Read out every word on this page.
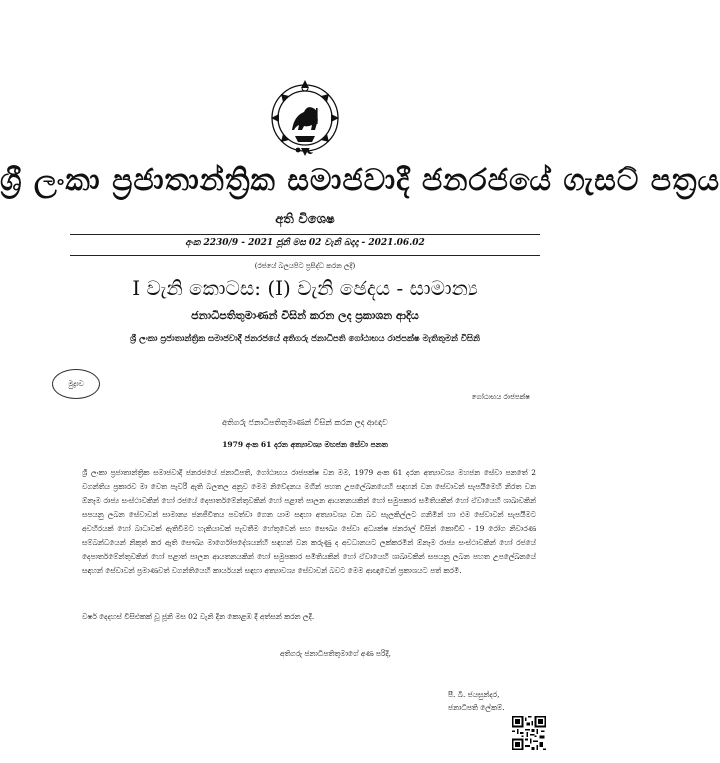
ශ්‍රී ලංකා ප්‍රජාතාන්ත්‍රික සමාජවාදී ජනරජයේ ගැසට් පත්‍රය
අති විශෙෂ
අංක 2230/9 - 2021 ජූනි මස 02 වැනි බදාදා - 2021.06.02
(රජයේ බලයපිට ප්‍රසිද්ධ කරන ලදී)
I වැනි කොටස: (I) වැනි ඡෙදය - සාමාන්‍ය
ජනාධිපතිතුමාණන් විසින් කරන ලද ප්‍රකාශන ආදිය
ශ්‍රී ලංකා ප්‍රජාතාන්ත්‍රික සමාජවාදී ජනරජයේ අතිගරු ජනාධිපති ගෝඨාභය රාජපක්ෂ මැතිතුමන් විසිනි
මුද්‍රාව
ගෝඨාභය රාජපක්ෂ
අතිගරු ජනාධිපතිතුමාණන් විසින් කරන ලද ආඥාව
1979 අංක 61 දරන අත්‍යාවශ්‍ය මහජන සේවා පනත
ශ්‍රී ලංකා ප්‍රජාතාන්ත්‍රික සමාජවාදී ජනරජයේ ජනාධිපති, ගෝඨාභය රාජපක්ෂ වන මම, 1979 අංක 61 දරන අත්‍යාවශ්‍ය මහජන සේවා පනතේ 2 වගන්තිය ප්‍රකාරව මා වෙත පැවරී ඇති බලතල අනුව මෙම නිවේදනය මගින් පහත උපලේඛනයෙහි සඳහන් වන සේවාවන් සැපයීමෙහි නිරත වන ඕනෑම රාජ්‍ය සංස්ථාවකින් හෝ රජයේ දෙපාර්තමේන්තුවකින් හෝ පළාත් පාලන ආයතනයකින් හෝ සමුපකාර සමිතියකින් හෝ ඒවායෙහි ශාඛාවකින් සපයනු ලබන සේවාවන් සාමාන්‍ය ජනජීවිතය පවත්වා ගෙන යාම සඳහා අත්‍යාවශ්‍ය වන බව සැලකිල්ලට ගනිමින් හා එම සේවාවන් සැපයීමට අවහිරයක් හෝ බාධාවක් ඇතිවීමට හැකියාවක් පැවතීම හේතුවෙන් සහ සෞඛ්‍ය සේවා අධ්‍යක්ෂ ජනරාල් විසින් කොවිඩ් - 19 රෝග නිවාරණ සම්බන්ධයෙන් නිකුත් කර ඇති සෞඛ්‍ය මාර්ගෝපදේශයන්හි සඳහන් වන කරුණු ද අවධානයට ලක්කරමින් ඕනෑම රාජ්‍ය සංස්ථාවකින් හෝ රජයේ දෙපාර්තමේන්තුවකින් හෝ පළාත් පාලන ආයතනයකින් හෝ සමුපකාර සමිතියකින් හෝ ඒවායෙහි ශාඛාවකින් සපයනු ලබන පහත උපලේඛනයේ සඳහන් සේවාවන් ප්‍රමාණවත් වගන්තියෙහි කාර්යයන් සඳහා අත්‍යාවශ්‍ය සේවාවන් බවට මෙම ආඥාවෙන් ප්‍රකාශයට පත් කරමි.
වර්ෂ දෙදහස් විසිඑකක් වූ ජූනි මස 02 වැනි දින කොළඹ දී අත්සන් කරන ලදී.
අතිගරු ජනාධිපතිතුමාගේ අණ පරිදි,
පී. බී. ජයසුන්දර,
ජනාධිපති ලේකම්.
